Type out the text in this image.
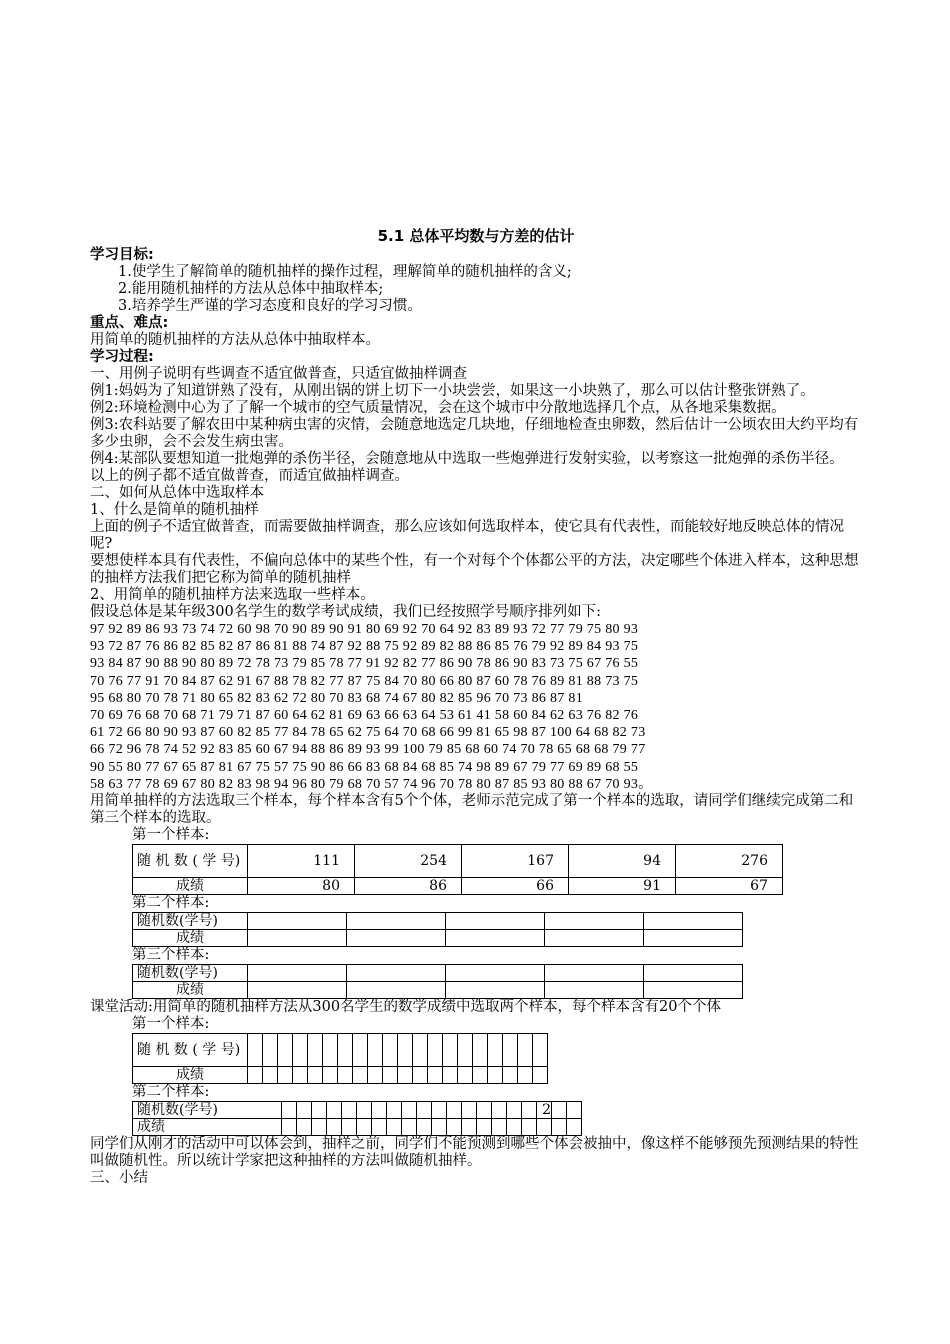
5.1 总体平均数与方差的估计

学习目标:

1.使学生了解简单的随机抽样的操作过程，理解简单的随机抽样的含义;

2.能用随机抽样的方法从总体中抽取样本;

3.培养学生严谨的学习态度和良好的学习习惯。

重点、难点:

用简单的随机抽样的方法从总体中抽取样本。

学习过程:

一、用例子说明有些调查不适宜做普查，只适宜做抽样调查

例1:妈妈为了知道饼熟了没有，从刚出锅的饼上切下一小块尝尝，如果这一小块熟了，那么可以估计整张饼熟了。

例2:环境检测中心为了了解一个城市的空气质量情况，会在这个城市中分散地选择几个点，从各地采集数据。

例3:农科站要了解农田中某种病虫害的灾情，会随意地选定几块地，仔细地检查虫卵数，然后估计一公顷农田大约平均有多少虫卵，会不会发生病虫害。

例4:某部队要想知道一批炮弹的杀伤半径，会随意地从中选取一些炮弹进行发射实验，以考察这一批炮弹的杀伤半径。

以上的例子都不适宜做普查，而适宜做抽样调查。

二、如何从总体中选取样本

1、什么是简单的随机抽样

上面的例子不适宜做普查，而需要做抽样调查，那么应该如何选取样本，使它具有代表性，而能较好地反映总体的情况呢?

要想使样本具有代表性，不偏向总体中的某些个性，有一个对每个个体都公平的方法，决定哪些个体进入样本，这种思想的抽样方法我们把它称为简单的随机抽样

2、用简单的随机抽样方法来选取一些样本。

假设总体是某年级300名学生的数学考试成绩，我们已经按照学号顺序排列如下:

97 92 89 86 93 73 74 72 60 98 70 90 89 90 91 80 69 92 70 64 92 83 89 93 72 77 79 75 80 93

93 72 87 76 86 82 85 82 87 86 81 88 74 87 92 88 75 92 89 82 88 86 85 76 79 92 89 84 93 75

93 84 87 90 88 90 80 89 72 78 73 79 85 78 77 91 92 82 77 86 90 78 86 90 83 73 75 67 76 55

70 76 77 91 70 84 87 62 91 67 88 78 82 77 87 75 84 70 80 66 80 87 60 78 76 89 81 88 73 75

95 68 80 70 78 71 80 65 82 83 62 72 80 70 83 68 74 67 80 82 85 96 70 73 86 87 81

70 69 76 68 70 68 71 79 71 87 60 64 62 81 69 63 66 63 64 53 61 41 58 60 84 62 63 76 82 76

61 72 66 80 90 93 87 60 82 85 77 84 78 65 62 75 64 70 68 66 99 81 65 98 87 100 64 68 82 73

66 72 96 78 74 52 92 83 85 60 67 94 88 86 89 93 99 100 79 85 68 60 74 70 78 65 68 68 79 77

90 55 80 77 67 65 87 81 67 75 57 75 90 86 66 83 68 84 68 85 74 98 89 67 79 77 69 89 68 55

58 63 77 78 69 67 80 82 83 98 94 96 80 79 68 70 57 74 96 70 78 80 87 85 93 80 88 67 70 93。

用简单抽样的方法选取三个样本，每个样本含有5个个体，老师示范完成了第一个样本的选取，请同学们继续完成第二和第三个样本的选取。

第一个样本:

随 机 数 ( 学 号)	111	254	167	94	276
成绩	80	86	66	91	67

第二个样本:

随机数(学号)					
成绩					

第三个样本:

随机数(学号)					
成绩					

课堂活动:用简单的随机抽样方法从300名学生的数学成绩中选取两个样本，每个样本含有20个个体

第一个样本:

随 机 数 ( 学 号)																				
成绩																				

第二个样本:

随机数(学号)																		2		
成绩																				

同学们从刚才的活动中可以体会到，抽样之前，同学们不能预测到哪些个体会被抽中，像这样不能够预先预测结果的特性叫做随机性。所以统计学家把这种抽样的方法叫做随机抽样。

三、小结
